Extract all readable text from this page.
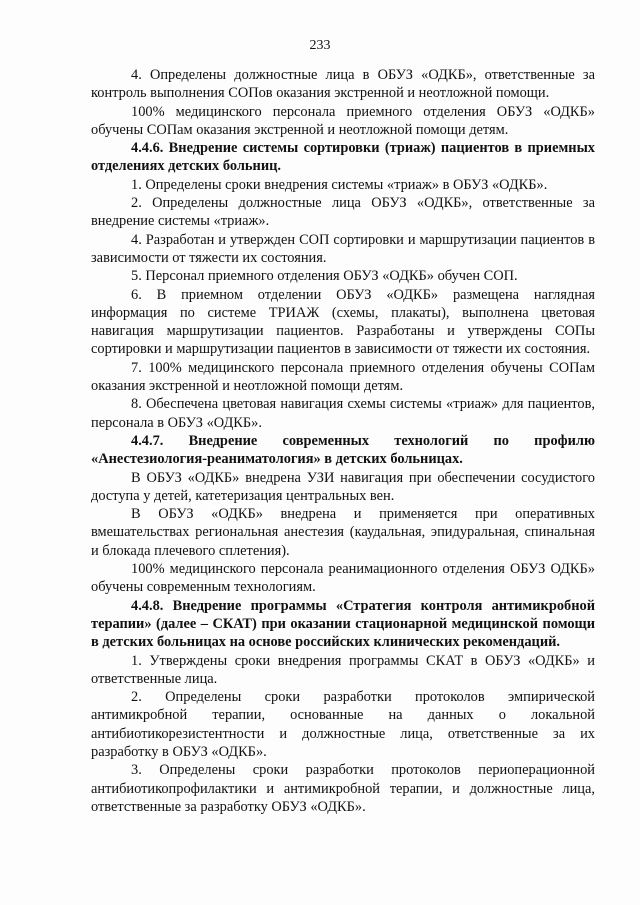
233

4. Определены должностные лица в ОБУЗ «ОДКБ», ответственные за контроль выполнения СОПов оказания экстренной и неотложной помощи.

100% медицинского персонала приемного отделения ОБУЗ «ОДКБ» обучены СОПам оказания экстренной и неотложной помощи детям.

4.4.6. Внедрение системы сортировки (триаж) пациентов в приемных отделениях детских больниц.

1. Определены сроки внедрения системы «триаж» в ОБУЗ «ОДКБ».

2. Определены должностные лица ОБУЗ «ОДКБ», ответственные за внедрение системы «триаж».

4. Разработан и утвержден СОП сортировки и маршрутизации пациентов в зависимости от тяжести их состояния.

5. Персонал приемного отделения ОБУЗ «ОДКБ» обучен СОП.

6. В приемном отделении ОБУЗ «ОДКБ» размещена наглядная информация по системе ТРИАЖ (схемы, плакаты), выполнена цветовая навигация маршрутизации пациентов. Разработаны и утверждены СОПы сортировки и маршрутизации пациентов в зависимости от тяжести их состояния.

7. 100% медицинского персонала приемного отделения обучены СОПам оказания экстренной и неотложной помощи детям.

8. Обеспечена цветовая навигация схемы системы «триаж» для пациентов, персонала в ОБУЗ «ОДКБ».

4.4.7. Внедрение современных технологий по профилю «Анестезиология-реаниматология» в детских больницах.

В ОБУЗ «ОДКБ» внедрена УЗИ навигация при обеспечении сосудистого доступа у детей, катетеризация центральных вен.

В ОБУЗ «ОДКБ» внедрена и применяется при оперативных вмешательствах региональная анестезия (каудальная, эпидуральная, спинальная и блокада плечевого сплетения).

100% медицинского персонала реанимационного отделения ОБУЗ ОДКБ» обучены современным технологиям.

4.4.8. Внедрение программы «Стратегия контроля антимикробной терапии» (далее – СКАТ) при оказании стационарной медицинской помощи в детских больницах на основе российских клинических рекомендаций.

1. Утверждены сроки внедрения программы СКАТ в ОБУЗ «ОДКБ» и ответственные лица.

2. Определены сроки разработки протоколов эмпирической антимикробной терапии, основанные на данных о локальной антибиотикорезистентности и должностные лица, ответственные за их разработку в ОБУЗ «ОДКБ».

3. Определены сроки разработки протоколов периоперационной антибиотикопрофилактики и антимикробной терапии, и должностные лица, ответственные за разработку ОБУЗ «ОДКБ».
